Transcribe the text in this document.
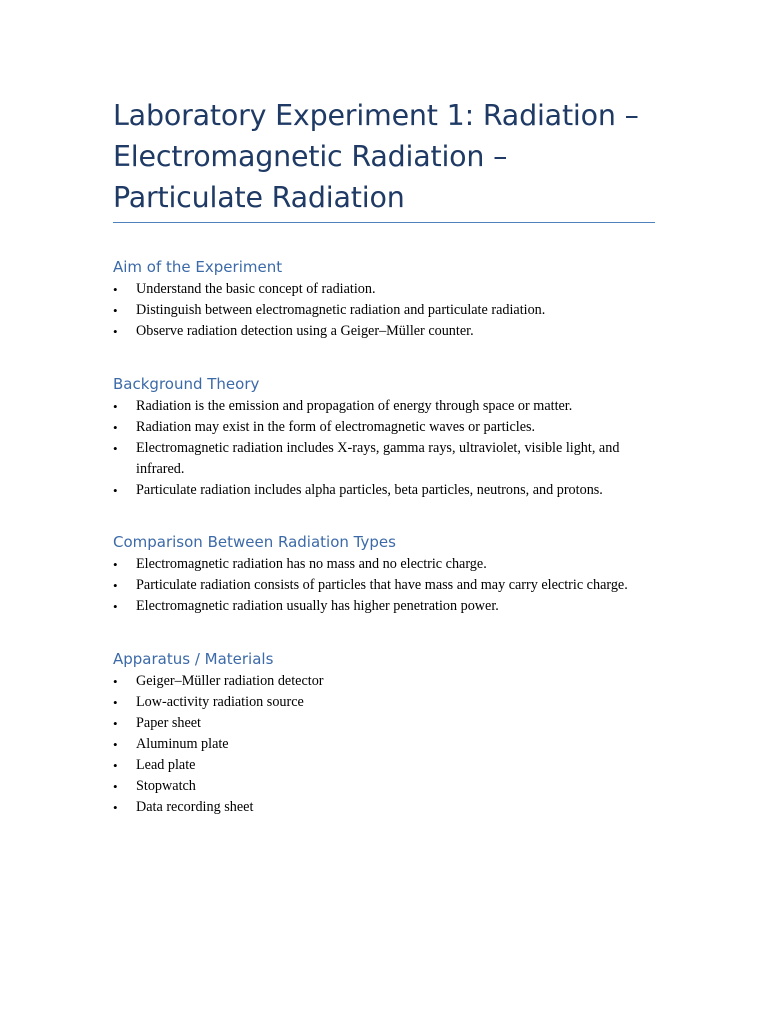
Laboratory Experiment 1: Radiation – Electromagnetic Radiation – Particulate Radiation
Aim of the Experiment
• Understand the basic concept of radiation.
• Distinguish between electromagnetic radiation and particulate radiation.
• Observe radiation detection using a Geiger–Müller counter.
Background Theory
• Radiation is the emission and propagation of energy through space or matter.
• Radiation may exist in the form of electromagnetic waves or particles.
• Electromagnetic radiation includes X-rays, gamma rays, ultraviolet, visible light, and infrared.
• Particulate radiation includes alpha particles, beta particles, neutrons, and protons.
Comparison Between Radiation Types
• Electromagnetic radiation has no mass and no electric charge.
• Particulate radiation consists of particles that have mass and may carry electric charge.
• Electromagnetic radiation usually has higher penetration power.
Apparatus / Materials
• Geiger–Müller radiation detector
• Low-activity radiation source
• Paper sheet
• Aluminum plate
• Lead plate
• Stopwatch
• Data recording sheet
